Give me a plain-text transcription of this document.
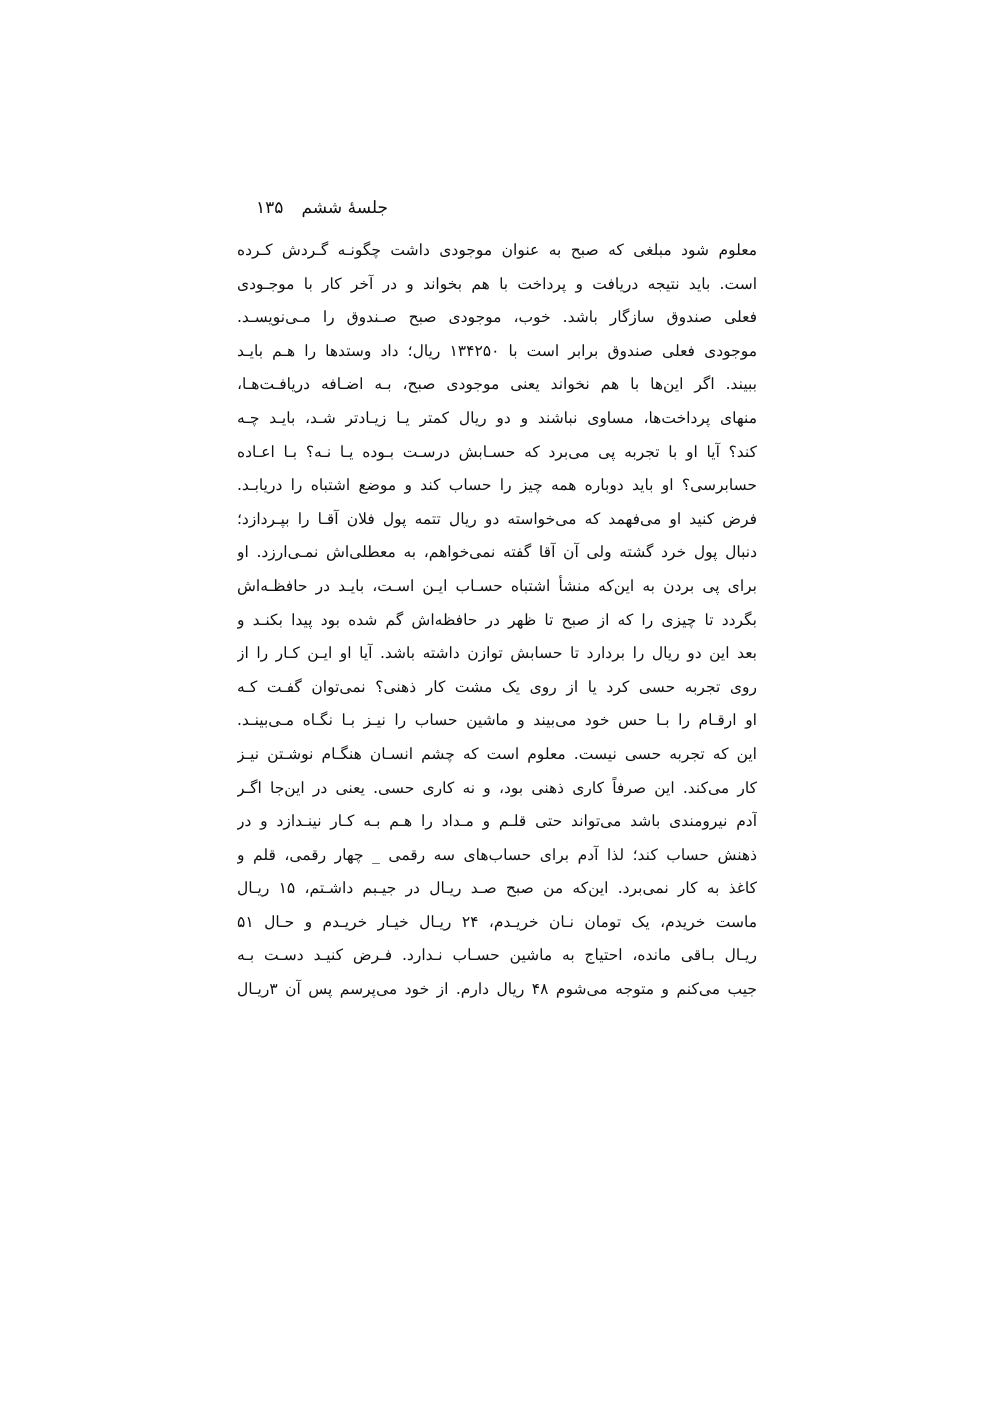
جلسهٔ ششم
۱۳۵
معلوم شود مبلغی که صبح به عنوان موجودی داشت چگونـه گـردش کـرده
است. باید نتیجه دریافت و پرداخت با هم بخواند و در آخر کار با موجـودی
فعلی صندوق سازگار باشد. خوب، موجودی صبح صـندوق را مـی‌نویسـد.
موجودی فعلی صندوق برابر است با ۱۳۴۲۵۰ ریال؛ داد وستدها را هـم بایـد
ببیند. اگر این‌ها با هم نخواند یعنی موجودی صبح، بـه اضـافه دریافـت‌هـا،
منهای پرداخت‌ها، مساوی نباشند و دو ریال کمتر یـا زیـادتر شـد، بایـد چـه
کند؟ آیا او با تجربه پی می‌برد که حسـابش درسـت بـوده یـا نـه؟ بـا اعـاده
حسابرسی؟ او باید دوباره همه چیز را حساب کند و موضع اشتباه را دریابـد.
فرض کنید او می‌فهمد که می‌خواسته دو ریال تتمه پول فلان آقـا را بپـردازد؛
دنبال پول خرد گشته ولی آن آقا گفته نمی‌خواهم، به معطلی‌اش نمـی‌ارزد. او
برای پی بردن به این‌که منشأ اشتباه حسـاب ایـن اسـت، بایـد در حافظـه‌اش
بگردد تا چیزی را که از صبح تا ظهر در حافظه‌اش گم شده بود پیدا بکنـد و
بعد این دو ریال را بردارد تا حسابش توازن داشته باشد. آیا او ایـن کـار را از
روی تجربه حسی کرد یا از روی یک مشت کار ذهنی؟ نمی‌توان گفـت کـه
او ارقـام را بـا حس خود می‌بیند و ماشین حساب را نیـز بـا نگـاه مـی‌بینـد.
این که تجربه حسی نیست. معلوم است که چشم انسـان هنگـام نوشـتن نیـز
کار می‌کند. این صرفاً کاری ذهنی بود، و نه کاری حسی. یعنی در این‌جا اگـر
آدم نیرومندی باشد می‌تواند حتی قلـم و مـداد را هـم بـه کـار نینـدازد و در
ذهنش حساب کند؛ لذا آدم برای حساب‌های سه رقمی _ چهار رقمی، قلم و
کاغذ به کار نمی‌برد. این‌که من صبح صـد ریـال در جیـبم داشـتم، ۱۵ ریـال
ماست خریدم، یک تومان نـان خریـدم، ۲۴ ریـال خیـار خریـدم و حـال ۵۱
ریـال بـاقی مانده، احتیاج به ماشین حسـاب نـدارد. فـرض کنیـد دسـت بـه
جیب می‌کنم و متوجه می‌شوم ۴۸ ریال دارم. از خود می‌پرسم پس آن ۳ریـال
